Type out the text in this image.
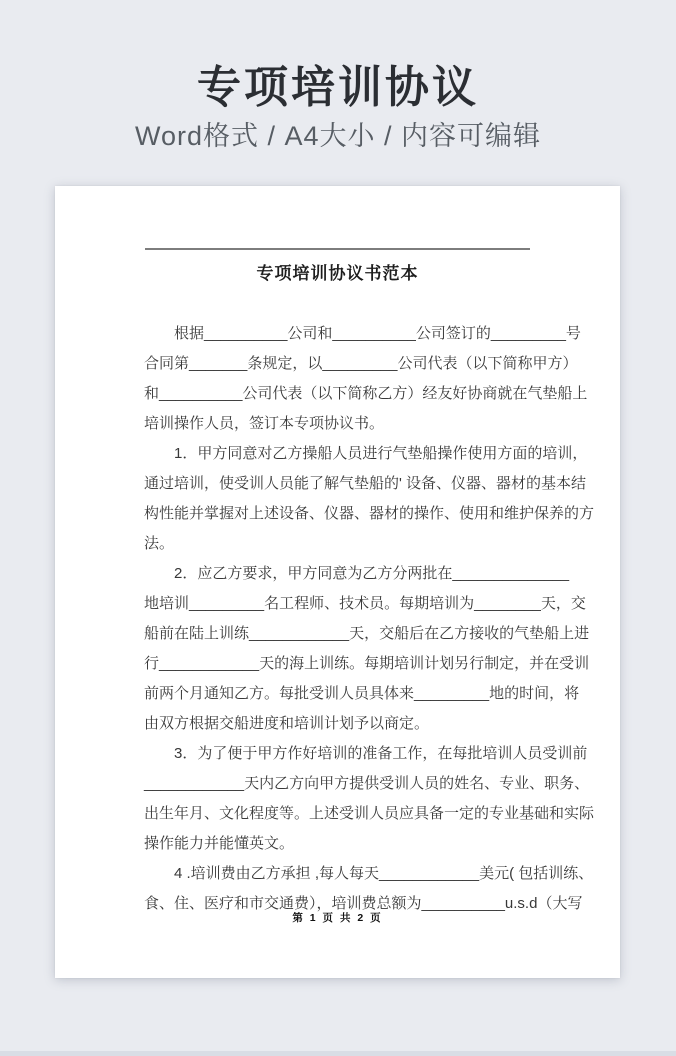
专项培训协议
Word格式 / A4大小 / 内容可编辑
专项培训协议书范本
根据__________公司和__________公司签订的_________号
合同第_______条规定，以_________公司代表（以下简称甲方）
和__________公司代表（以下简称乙方）经友好协商就在气垫船上
培训操作人员，签订本专项协议书。
1．甲方同意对乙方操船人员进行气垫船操作使用方面的培训，
通过培训，使受训人员能了解气垫船的' 设备、仪器、器材的基本结
构性能并掌握对上述设备、仪器、器材的操作、使用和维护保养的方
法。
2．应乙方要求，甲方同意为乙方分两批在______________
地培训_________名工程师、技术员。每期培训为________天，交
船前在陆上训练____________天，交船后在乙方接收的气垫船上进
行____________天的海上训练。每期培训计划另行制定，并在受训
前两个月通知乙方。每批受训人员具体来_________地的时间，将
由双方根据交船进度和培训计划予以商定。
3．为了便于甲方作好培训的准备工作，在每批培训人员受训前
____________天内乙方向甲方提供受训人员的姓名、专业、职务、
出生年月、文化程度等。上述受训人员应具备一定的专业基础和实际
操作能力并能懂英文。
4 .培训费由乙方承担 ,每人每天____________美元( 包括训练、
食、住、医疗和市交通费），培训费总额为__________u.s.d（大写
第 1 页 共 2 页
